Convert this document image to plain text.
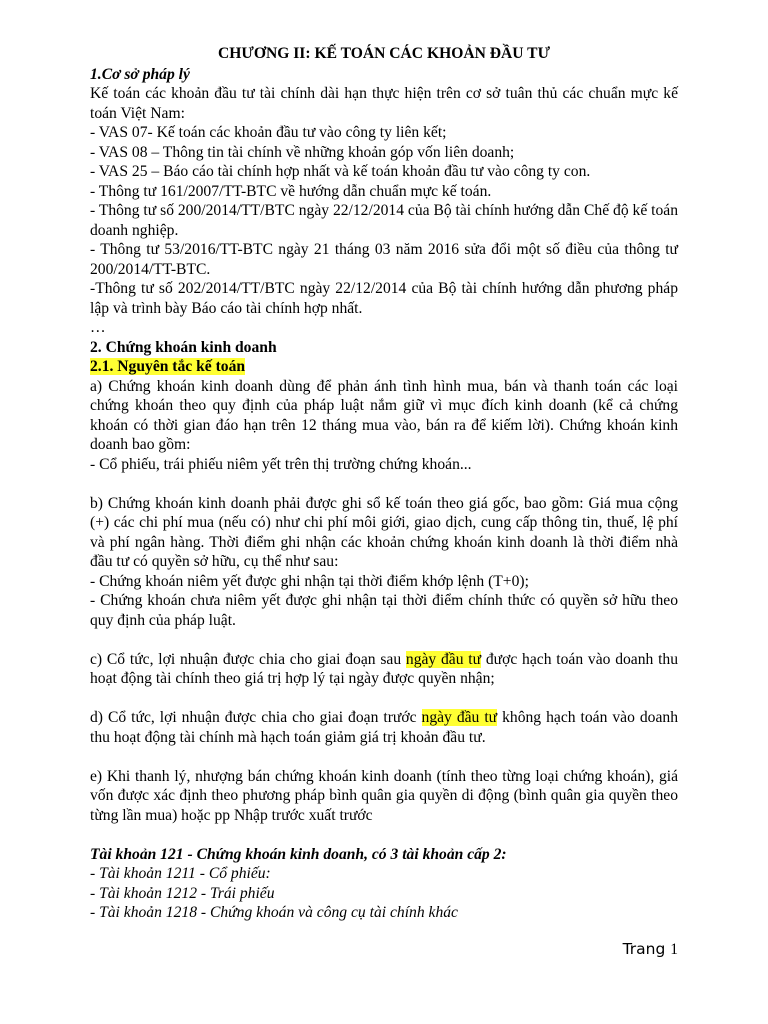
CHƯƠNG II: KẾ TOÁN CÁC KHOẢN ĐẦU TƯ
1.Cơ sở pháp lý

Kế toán các khoản đầu tư tài chính dài hạn thực hiện trên cơ sở tuân thủ các chuẩn mực kế toán Việt Nam:

- VAS 07- Kế toán các khoản đầu tư vào công ty liên kết;

- VAS 08 – Thông tin tài chính về những khoản góp vốn liên doanh;

- VAS 25 – Báo cáo tài chính hợp nhất và kế toán khoản đầu tư vào công ty con.

- Thông tư 161/2007/TT-BTC về hướng dẫn chuẩn mực kế toán.

- Thông tư số 200/2014/TT/BTC ngày 22/12/2014 của Bộ tài chính hướng dẫn Chế độ kế toán doanh nghiệp.

- Thông tư 53/2016/TT-BTC ngày 21 tháng 03 năm 2016 sửa đổi một số điều của thông tư 200/2014/TT-BTC.

-Thông tư số 202/2014/TT/BTC ngày 22/12/2014 của Bộ tài chính hướng dẫn phương pháp lập và trình bày Báo cáo tài chính hợp nhất.

…
2. Chứng khoán kinh doanh
2.1. Nguyên tắc kế toán

a) Chứng khoán kinh doanh dùng để phản ánh tình hình mua, bán và thanh toán các loại chứng khoán theo quy định của pháp luật nắm giữ vì mục đích kinh doanh (kể cả chứng khoán có thời gian đáo hạn trên 12 tháng mua vào, bán ra để kiếm lời). Chứng khoán kinh doanh bao gồm:

- Cổ phiếu, trái phiếu niêm yết trên thị trường chứng khoán...

b) Chứng khoán kinh doanh phải được ghi sổ kế toán theo giá gốc, bao gồm: Giá mua cộng (+) các chi phí mua (nếu có) như chi phí môi giới, giao dịch, cung cấp thông tin, thuế, lệ phí và phí ngân hàng. Thời điểm ghi nhận các khoản chứng khoán kinh doanh là thời điểm nhà đầu tư có quyền sở hữu, cụ thể như sau:

- Chứng khoán niêm yết được ghi nhận tại thời điểm khớp lệnh (T+0);

- Chứng khoán chưa niêm yết được ghi nhận tại thời điểm chính thức có quyền sở hữu theo quy định của pháp luật.

c) Cổ tức, lợi nhuận được chia cho giai đoạn sau ngày đầu tư được hạch toán vào doanh thu hoạt động tài chính theo giá trị hợp lý tại ngày được quyền nhận;

d) Cổ tức, lợi nhuận được chia cho giai đoạn trước ngày đầu tư không hạch toán vào doanh thu hoạt động tài chính mà hạch toán giảm giá trị khoản đầu tư.

e) Khi thanh lý, nhượng bán chứng khoán kinh doanh (tính theo từng loại chứng khoán), giá vốn được xác định theo phương pháp bình quân gia quyền di động (bình quân gia quyền theo từng lần mua) hoặc pp Nhập trước xuất trước

Tài khoản 121 - Chứng khoán kinh doanh, có 3 tài khoản cấp 2:
- Tài khoản 1211 - Cổ phiếu:
- Tài khoản 1212 - Trái phiếu
- Tài khoản 1218 - Chứng khoán và công cụ tài chính khác
Trang 1
